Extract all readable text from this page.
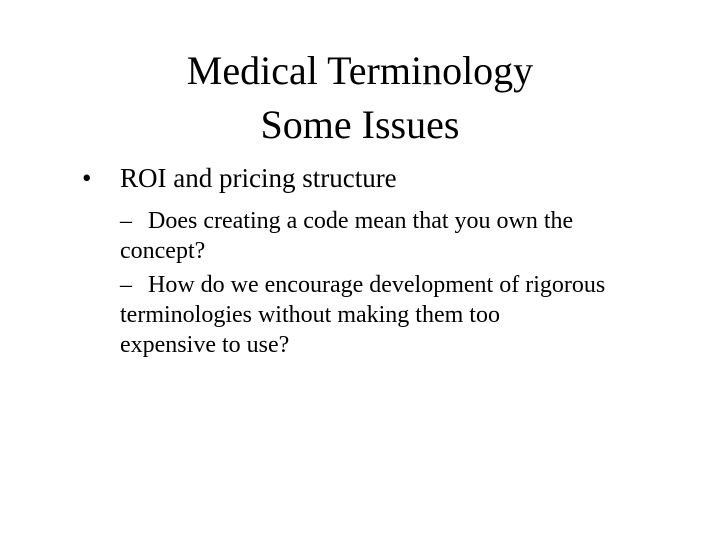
Medical Terminology
Some Issues
• ROI and pricing structure
– Does creating a code mean that you own the
concept?
– How do we encourage development of rigorous
terminologies without making them too
expensive to use?
